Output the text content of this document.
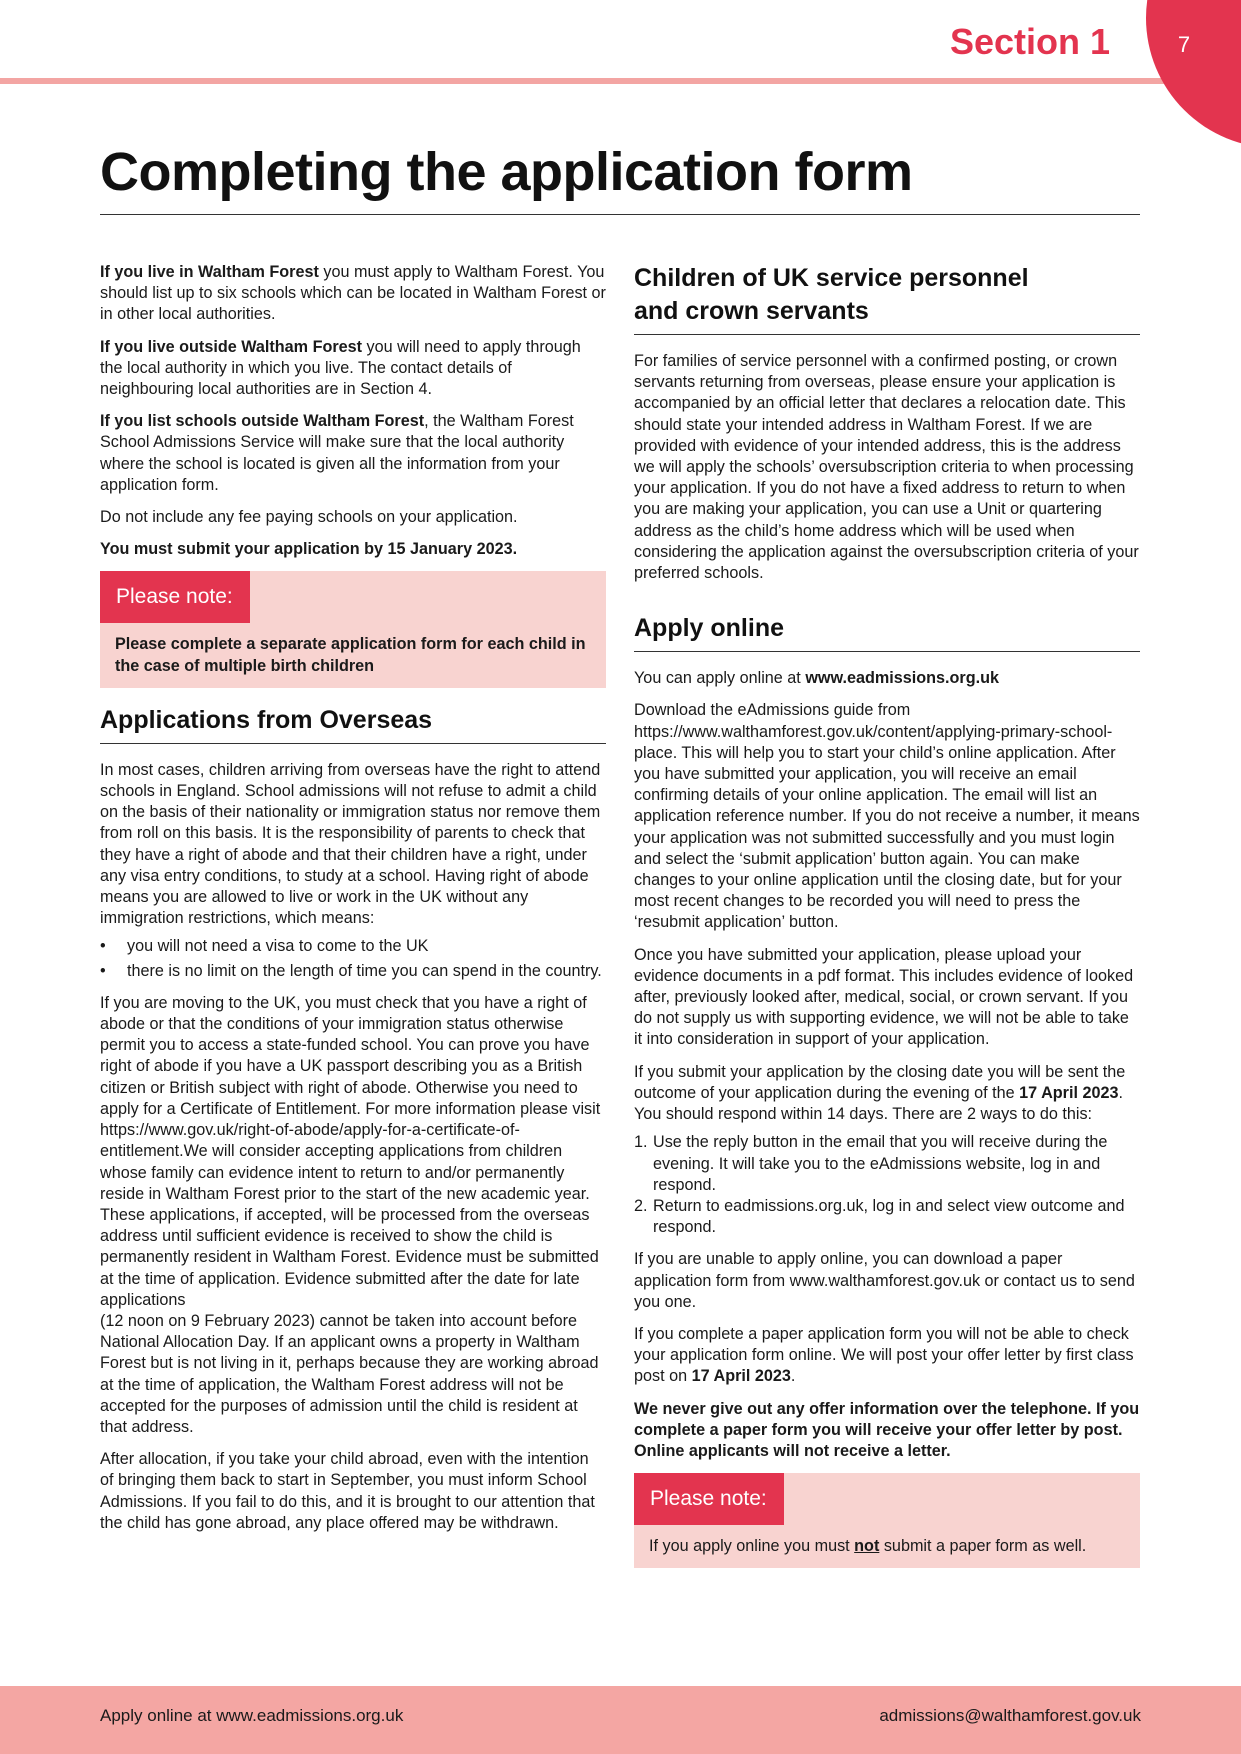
7
Section 1
Completing the application form

If you live in Waltham Forest you must apply to Waltham Forest. You should list up to six schools which can be located in Waltham Forest or in other local authorities.

If you live outside Waltham Forest you will need to apply through the local authority in which you live. The contact details of neighbouring local authorities are in Section 4.

If you list schools outside Waltham Forest, the Waltham Forest School Admissions Service will make sure that the local authority where the school is located is given all the information from your application form.

Do not include any fee paying schools on your application.

You must submit your application by 15 January 2023.

Please note:
Please complete a separate application form for each child in the case of multiple birth children
Applications from Overseas

In most cases, children arriving from overseas have the right to attend schools in England. School admissions will not refuse to admit a child on the basis of their nationality or immigration status nor remove them from roll on this basis. It is the responsibility of parents to check that they have a right of abode and that their children have a right, under any visa entry conditions, to study at a school. Having right of abode means you are allowed to live or work in the UK without any immigration restrictions, which means:

• you will not need a visa to come to the UK
• there is no limit on the length of time you can spend in the country.

If you are moving to the UK, you must check that you have a right of abode or that the conditions of your immigration status otherwise permit you to access a state-funded school. You can prove you have right of abode if you have a UK passport describing you as a British citizen or British subject with right of abode. Otherwise you need to apply for a Certificate of Entitlement. For more information please visit https://www.gov.uk/right-of-abode/apply-for-a-certificate-of-entitlement.We will consider accepting applications from children whose family can evidence intent to return to and/or permanently reside in Waltham Forest prior to the start of the new academic year. These applications, if accepted, will be processed from the overseas address until sufficient evidence is received to show the child is permanently resident in Waltham Forest. Evidence must be submitted at the time of application. Evidence submitted after the date for late applications
(12 noon on 9 February 2023) cannot be taken into account before National Allocation Day. If an applicant owns a property in Waltham Forest but is not living in it, perhaps because they are working abroad at the time of application, the Waltham Forest address will not be accepted for the purposes of admission until the child is resident at that address.

After allocation, if you take your child abroad, even with the intention of bringing them back to start in September, you must inform School Admissions. If you fail to do this, and it is brought to our attention that the child has gone abroad, any place offered may be withdrawn.

Children of UK service personnel
and crown servants

For families of service personnel with a confirmed posting, or crown servants returning from overseas, please ensure your application is accompanied by an official letter that declares a relocation date. This should state your intended address in Waltham Forest. If we are provided with evidence of your intended address, this is the address we will apply the schools’ oversubscription criteria to when processing your application. If you do not have a fixed address to return to when you are making your application, you can use a Unit or quartering address as the child’s home address which will be used when considering the application against the oversubscription criteria of your preferred schools.

Apply online

You can apply online at www.eadmissions.org.uk

Download the eAdmissions guide from https://www.walthamforest.gov.uk/content/applying-primary-school-place. This will help you to start your child’s online application. After you have submitted your application, you will receive an email confirming details of your online application. The email will list an application reference number. If you do not receive a number, it means your application was not submitted successfully and you must login and select the ‘submit application’ button again. You can make changes to your online application until the closing date, but for your most recent changes to be recorded you will need to press the ‘resubmit application’ button.

Once you have submitted your application, please upload your evidence documents in a pdf format. This includes evidence of looked after, previously looked after, medical, social, or crown servant. If you do not supply us with supporting evidence, we will not be able to take it into consideration in support of your application.

If you submit your application by the closing date you will be sent the outcome of your application during the evening of the 17 April 2023. You should respond within 14 days. There are 2 ways to do this:

1. Use the reply button in the email that you will receive during the evening. It will take you to the eAdmissions website, log in and respond.
2. Return to eadmissions.org.uk, log in and select view outcome and respond.

If you are unable to apply online, you can download a paper application form from www.walthamforest.gov.uk or contact us to send you one.

If you complete a paper application form you will not be able to check your application form online. We will post your offer letter by first class post on 17 April 2023.

We never give out any offer information over the telephone. If you complete a paper form you will receive your offer letter by post. Online applicants will not receive a letter.

Please note:
If you apply online you must not submit a paper form as well.
Apply online at www.eadmissions.org.uk	admissions@walthamforest.gov.uk
